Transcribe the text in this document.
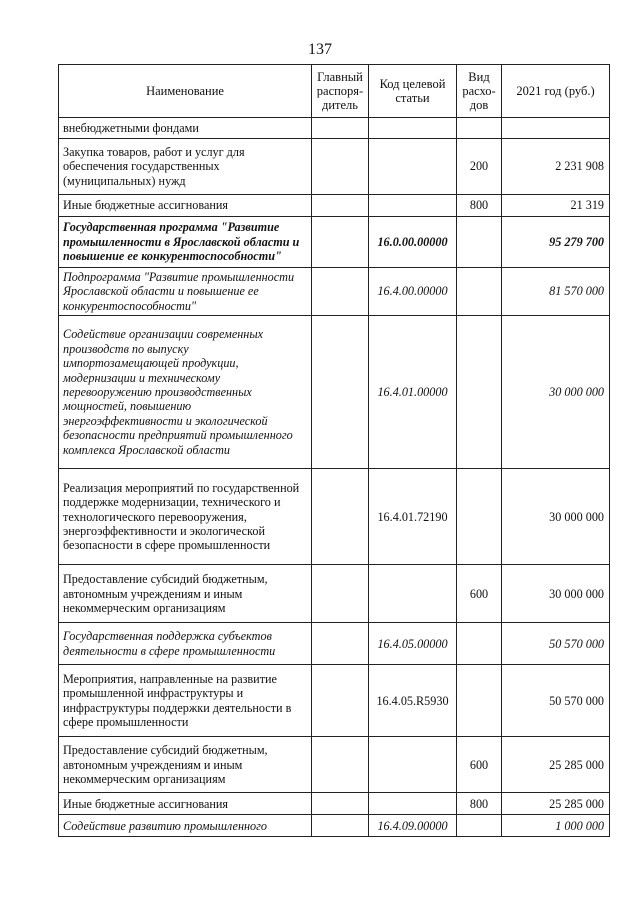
137
Наименование	Главный распоря-дитель	Код целевой статьи	Вид расхо-дов	2021 год (руб.)
внебюджетными фондами				
Закупка товаров, работ и услуг для обеспечения государственных (муниципальных) нужд			200	2 231 908
Иные бюджетные ассигнования			800	21 319
Государственная программа "Развитие промышленности в Ярославской области и повышение ее конкурентоспособности"		16.0.00.00000		95 279 700
Подпрограмма "Развитие промышленности Ярославской области и повышение ее конкурентоспособности"		16.4.00.00000		81 570 000
Содействие организации современных производств по выпуску импортозамещающей продукции, модернизации и техническому перевооружению производственных мощностей, повышению энергоэффективности и экологической безопасности предприятий промышленного комплекса Ярославской области		16.4.01.00000		30 000 000
Реализация мероприятий по государственной поддержке модернизации, технического и технологического перевооружения, энергоэффективности и экологической безопасности в сфере промышленности		16.4.01.72190		30 000 000
Предоставление субсидий бюджетным, автономным учреждениям и иным некоммерческим организациям			600	30 000 000
Государственная поддержка субъектов деятельности в сфере промышленности		16.4.05.00000		50 570 000
Мероприятия, направленные на развитие промышленной инфраструктуры и инфраструктуры поддержки деятельности в сфере промышленности		16.4.05.R5930		50 570 000
Предоставление субсидий бюджетным, автономным учреждениям и иным некоммерческим организациям			600	25 285 000
Иные бюджетные ассигнования			800	25 285 000
Содействие развитию промышленного		16.4.09.00000		1 000 000
